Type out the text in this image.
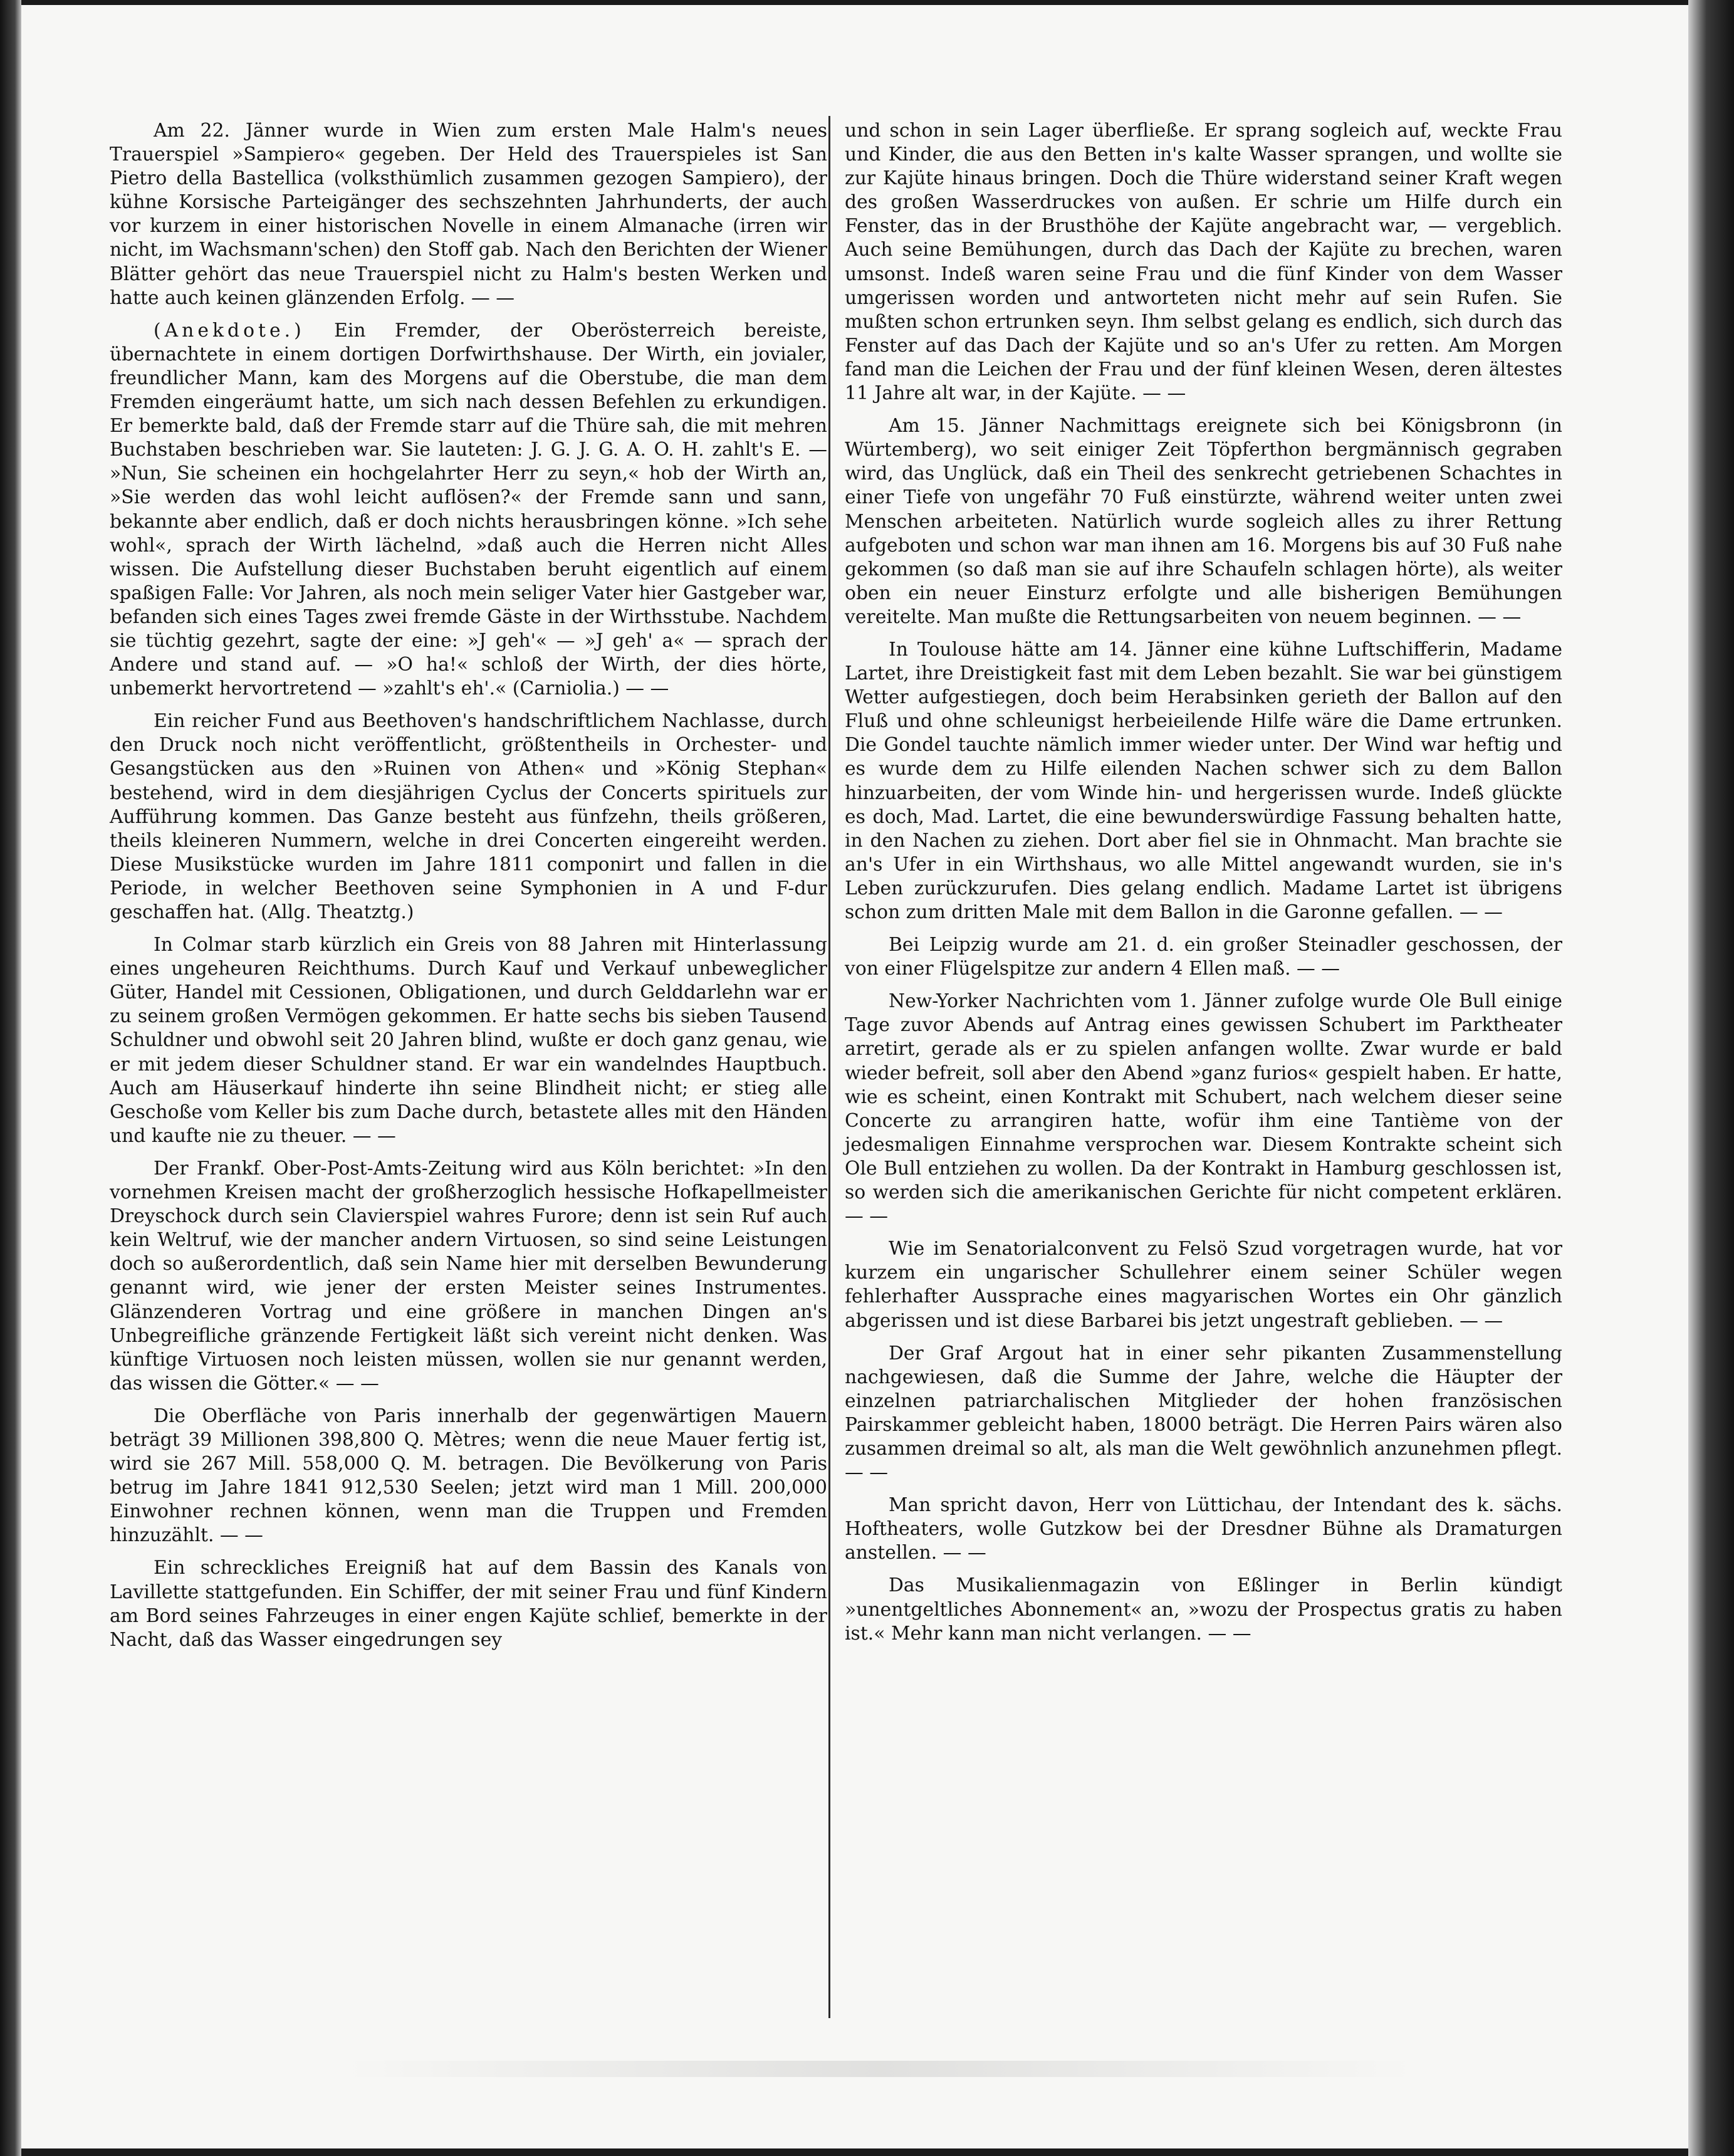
Am 22. Jänner wurde in Wien zum ersten Male Halm's neues Trauerspiel »Sampiero« gegeben. Der Held des Trauerspieles ist San Pietro della Bastellica (volksthümlich zusammen gezogen Sampiero), der kühne Korsische Parteigänger des sechszehnten Jahrhunderts, der auch vor kurzem in einer historischen Novelle in einem Almanache (irren wir nicht, im Wachsmann'schen) den Stoff gab. Nach den Berichten der Wiener Blätter gehört das neue Trauerspiel nicht zu Halm's besten Werken und hatte auch keinen glänzenden Erfolg. — —

(Anekdote.) Ein Fremder, der Oberösterreich bereiste, übernachtete in einem dortigen Dorfwirthshause. Der Wirth, ein jovialer, freundlicher Mann, kam des Morgens auf die Oberstube, die man dem Fremden eingeräumt hatte, um sich nach dessen Befehlen zu erkundigen. Er bemerkte bald, daß der Fremde starr auf die Thüre sah, die mit mehren Buchstaben beschrieben war. Sie lauteten: J. G. J. G. A. O. H. zahlt's E. — »Nun, Sie scheinen ein hochgelahrter Herr zu seyn,« hob der Wirth an, »Sie werden das wohl leicht auflösen?« der Fremde sann und sann, bekannte aber endlich, daß er doch nichts herausbringen könne. »Ich sehe wohl«, sprach der Wirth lächelnd, »daß auch die Herren nicht Alles wissen. Die Aufstellung dieser Buchstaben beruht eigentlich auf einem spaßigen Falle: Vor Jahren, als noch mein seliger Vater hier Gastgeber war, befanden sich eines Tages zwei fremde Gäste in der Wirthsstube. Nachdem sie tüchtig gezehrt, sagte der eine: »J geh'« — »J geh' a« — sprach der Andere und stand auf. — »O ha!« schloß der Wirth, der dies hörte, unbemerkt hervortretend — »zahlt's eh'.« (Carniolia.) — —

Ein reicher Fund aus Beethoven's handschriftlichem Nachlasse, durch den Druck noch nicht veröffentlicht, größtentheils in Orchester- und Gesangstücken aus den »Ruinen von Athen« und »König Stephan« bestehend, wird in dem diesjährigen Cyclus der Concerts spirituels zur Aufführung kommen. Das Ganze besteht aus fünfzehn, theils größeren, theils kleineren Nummern, welche in drei Concerten eingereiht werden. Diese Musikstücke wurden im Jahre 1811 componirt und fallen in die Periode, in welcher Beethoven seine Symphonien in A und F-dur geschaffen hat. (Allg. Theatztg.)

In Colmar starb kürzlich ein Greis von 88 Jahren mit Hinterlassung eines ungeheuren Reichthums. Durch Kauf und Verkauf unbeweglicher Güter, Handel mit Cessionen, Obligationen, und durch Gelddarlehn war er zu seinem großen Vermögen gekommen. Er hatte sechs bis sieben Tausend Schuldner und obwohl seit 20 Jahren blind, wußte er doch ganz genau, wie er mit jedem dieser Schuldner stand. Er war ein wandelndes Hauptbuch. Auch am Häuserkauf hinderte ihn seine Blindheit nicht; er stieg alle Geschoße vom Keller bis zum Dache durch, betastete alles mit den Händen und kaufte nie zu theuer. — —

Der Frankf. Ober-Post-Amts-Zeitung wird aus Köln berichtet: »In den vornehmen Kreisen macht der großherzoglich hessische Hofkapellmeister Dreyschock durch sein Clavierspiel wahres Furore; denn ist sein Ruf auch kein Weltruf, wie der mancher andern Virtuosen, so sind seine Leistungen doch so außerordentlich, daß sein Name hier mit derselben Bewunderung genannt wird, wie jener der ersten Meister seines Instrumentes. Glänzenderen Vortrag und eine größere in manchen Dingen an's Unbegreifliche gränzende Fertigkeit läßt sich vereint nicht denken. Was künftige Virtuosen noch leisten müssen, wollen sie nur genannt werden, das wissen die Götter.« — —

Die Oberfläche von Paris innerhalb der gegenwärtigen Mauern beträgt 39 Millionen 398,800 Q. Mètres; wenn die neue Mauer fertig ist, wird sie 267 Mill. 558,000 Q. M. betragen. Die Bevölkerung von Paris betrug im Jahre 1841 912,530 Seelen; jetzt wird man 1 Mill. 200,000 Einwohner rechnen können, wenn man die Truppen und Fremden hinzuzählt. — —

Ein schreckliches Ereigniß hat auf dem Bassin des Kanals von Lavillette stattgefunden. Ein Schiffer, der mit seiner Frau und fünf Kindern am Bord seines Fahrzeuges in einer engen Kajüte schlief, bemerkte in der Nacht, daß das Wasser eingedrungen sey

und schon in sein Lager überfließe. Er sprang sogleich auf, weckte Frau und Kinder, die aus den Betten in's kalte Wasser sprangen, und wollte sie zur Kajüte hinaus bringen. Doch die Thüre widerstand seiner Kraft wegen des großen Wasserdruckes von außen. Er schrie um Hilfe durch ein Fenster, das in der Brusthöhe der Kajüte angebracht war, — vergeblich. Auch seine Bemühungen, durch das Dach der Kajüte zu brechen, waren umsonst. Indeß waren seine Frau und die fünf Kinder von dem Wasser umgerissen worden und antworteten nicht mehr auf sein Rufen. Sie mußten schon ertrunken seyn. Ihm selbst gelang es endlich, sich durch das Fenster auf das Dach der Kajüte und so an's Ufer zu retten. Am Morgen fand man die Leichen der Frau und der fünf kleinen Wesen, deren ältestes 11 Jahre alt war, in der Kajüte. — —

Am 15. Jänner Nachmittags ereignete sich bei Königsbronn (in Würtemberg), wo seit einiger Zeit Töpferthon bergmännisch gegraben wird, das Unglück, daß ein Theil des senkrecht getriebenen Schachtes in einer Tiefe von ungefähr 70 Fuß einstürzte, während weiter unten zwei Menschen arbeiteten. Natürlich wurde sogleich alles zu ihrer Rettung aufgeboten und schon war man ihnen am 16. Morgens bis auf 30 Fuß nahe gekommen (so daß man sie auf ihre Schaufeln schlagen hörte), als weiter oben ein neuer Einsturz erfolgte und alle bisherigen Bemühungen vereitelte. Man mußte die Rettungsarbeiten von neuem beginnen. — —

In Toulouse hätte am 14. Jänner eine kühne Luftschifferin, Madame Lartet, ihre Dreistigkeit fast mit dem Leben bezahlt. Sie war bei günstigem Wetter aufgestiegen, doch beim Herabsinken gerieth der Ballon auf den Fluß und ohne schleunigst herbeieilende Hilfe wäre die Dame ertrunken. Die Gondel tauchte nämlich immer wieder unter. Der Wind war heftig und es wurde dem zu Hilfe eilenden Nachen schwer sich zu dem Ballon hinzuarbeiten, der vom Winde hin- und hergerissen wurde. Indeß glückte es doch, Mad. Lartet, die eine bewunderswürdige Fassung behalten hatte, in den Nachen zu ziehen. Dort aber fiel sie in Ohnmacht. Man brachte sie an's Ufer in ein Wirthshaus, wo alle Mittel angewandt wurden, sie in's Leben zurückzurufen. Dies gelang endlich. Madame Lartet ist übrigens schon zum dritten Male mit dem Ballon in die Garonne gefallen. — —

Bei Leipzig wurde am 21. d. ein großer Steinadler geschossen, der von einer Flügelspitze zur andern 4 Ellen maß. — —

New-Yorker Nachrichten vom 1. Jänner zufolge wurde Ole Bull einige Tage zuvor Abends auf Antrag eines gewissen Schubert im Parktheater arretirt, gerade als er zu spielen anfangen wollte. Zwar wurde er bald wieder befreit, soll aber den Abend »ganz furios« gespielt haben. Er hatte, wie es scheint, einen Kontrakt mit Schubert, nach welchem dieser seine Concerte zu arrangiren hatte, wofür ihm eine Tantième von der jedesmaligen Einnahme versprochen war. Diesem Kontrakte scheint sich Ole Bull entziehen zu wollen. Da der Kontrakt in Hamburg geschlossen ist, so werden sich die amerikanischen Gerichte für nicht competent erklären. — —

Wie im Senatorialconvent zu Felsö Szud vorgetragen wurde, hat vor kurzem ein ungarischer Schullehrer einem seiner Schüler wegen fehlerhafter Aussprache eines magyarischen Wortes ein Ohr gänzlich abgerissen und ist diese Barbarei bis jetzt ungestraft geblieben. — —

Der Graf Argout hat in einer sehr pikanten Zusammenstellung nachgewiesen, daß die Summe der Jahre, welche die Häupter der einzelnen patriarchalischen Mitglieder der hohen französischen Pairskammer gebleicht haben, 18000 beträgt. Die Herren Pairs wären also zusammen dreimal so alt, als man die Welt gewöhnlich anzunehmen pflegt. — —

Man spricht davon, Herr von Lüttichau, der Intendant des k. sächs. Hoftheaters, wolle Gutzkow bei der Dresdner Bühne als Dramaturgen anstellen. — —

Das Musikalienmagazin von Eßlinger in Berlin kündigt »unentgeltliches Abonnement« an, »wozu der Prospectus gratis zu haben ist.« Mehr kann man nicht verlangen. — —
